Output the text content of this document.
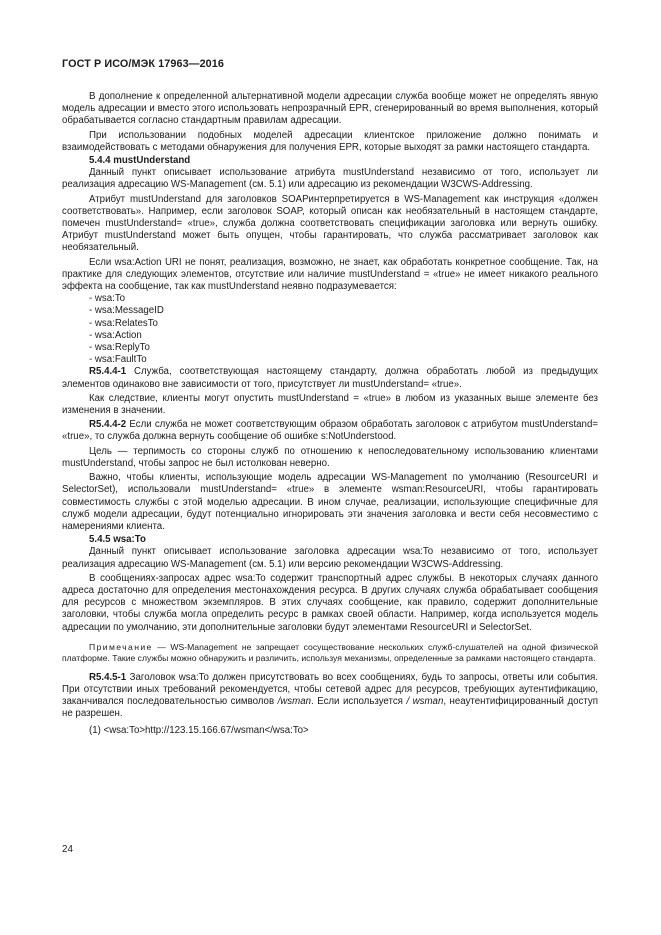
ГОСТ Р ИСО/МЭК 17963—2016

В дополнение к определенной альтернативной модели адресации служба вообще может не определять явную модель адресации и вместо этого использовать непрозрачный EPR, сгенерированный во время выполнения, который обрабатывается согласно стандартным правилам адресации.

При использовании подобных моделей адресации клиентское приложение должно понимать и взаимодействовать с методами обнаружения для получения EPR, которые выходят за рамки настоящего стандарта.

5.4.4 mustUnderstand

Данный пункт описывает использование атрибута mustUnderstand независимо от того, использует ли реализация адресацию WS-Management (см. 5.1) или адресацию из рекомендации W3CWS-Addressing.

Атрибут mustUnderstand для заголовков SOAPинтерпретируется в WS-Management как инструкция «должен соответствовать». Например, если заголовок SOAP, который описан как необязательный в настоящем стандарте, помечен mustUnderstand= «true», служба должна соответствовать спецификации заголовка или вернуть ошибку. Атрибут mustUnderstand может быть опущен, чтобы гарантировать, что служба рассматривает заголовок как необязательный.

Если wsa:Action URI не понят, реализация, возможно, не знает, как обработать конкретное сообщение. Так, на практике для следующих элементов, отсутствие или наличие mustUnderstand = «true» не имеет никакого реального эффекта на сообщение, так как mustUnderstand неявно подразумевается:

- wsa:To
- wsa:MessageID
- wsa:RelatesTo
- wsa:Action
- wsa:ReplyTo
- wsa:FaultTo

R5.4.4-1 Служба, соответствующая настоящему стандарту, должна обработать любой из предыдущих элементов одинаково вне зависимости от того, присутствует ли mustUnderstand= «true».

Как следствие, клиенты могут опустить mustUnderstand = «true» в любом из указанных выше элементе без изменения в значении.

R5.4.4-2 Если служба не может соответствующим образом обработать заголовок с атрибутом mustUnderstand= «true», то служба должна вернуть сообщение об ошибке s:NotUnderstood.

Цель — терпимость со стороны служб по отношению к непоследовательному использованию клиентами mustUnderstand, чтобы запрос не был истолкован неверно.

Важно, чтобы клиенты, использующие модель адресации WS-Management по умолчанию (ResourceURI и SelectorSet), использовали mustUnderstand= «true» в элементе wsman:ResourceURI, чтобы гарантировать совместимость службы с этой моделью адресации. В ином случае, реализации, использующие специфичные для служб модели адресации, будут потенциально игнорировать эти значения заголовка и вести себя несовместимо с намерениями клиента.

5.4.5 wsa:To

Данный пункт описывает использование заголовка адресации wsa:To независимо от того, использует реализация адресацию WS-Management (см. 5.1) или версию рекомендации W3CWS-Addressing.

В сообщениях-запросах адрес wsa:To содержит транспортный адрес службы. В некоторых случаях данного адреса достаточно для определения местонахождения ресурса. В других случаях служба обрабатывает сообщения для ресурсов с множеством экземпляров. В этих случаях сообщение, как правило, содержит дополнительные заголовки, чтобы служба могла определить ресурс в рамках своей области. Например, когда используется модель адресации по умолчанию, эти дополнительные заголовки будут элементами ResourceURI и SelectorSet.

Примечание — WS-Management не запрещает сосуществование нескольких служб-слушателей на одной физической платформе. Такие службы можно обнаружить и различить, используя механизмы, определенные за рамками настоящего стандарта.

R5.4.5-1 Заголовок wsa:To должен присутствовать во всех сообщениях, будь то запросы, ответы или события. При отсутствии иных требований рекомендуется, чтобы сетевой адрес для ресурсов, требующих аутентификацию, заканчивался последовательностью символов /wsman. Если используется / wsman, неаутентифицированный доступ не разрешен.

(1) <wsa:To>http://123.15.166.67/wsman</wsa:To>
24
